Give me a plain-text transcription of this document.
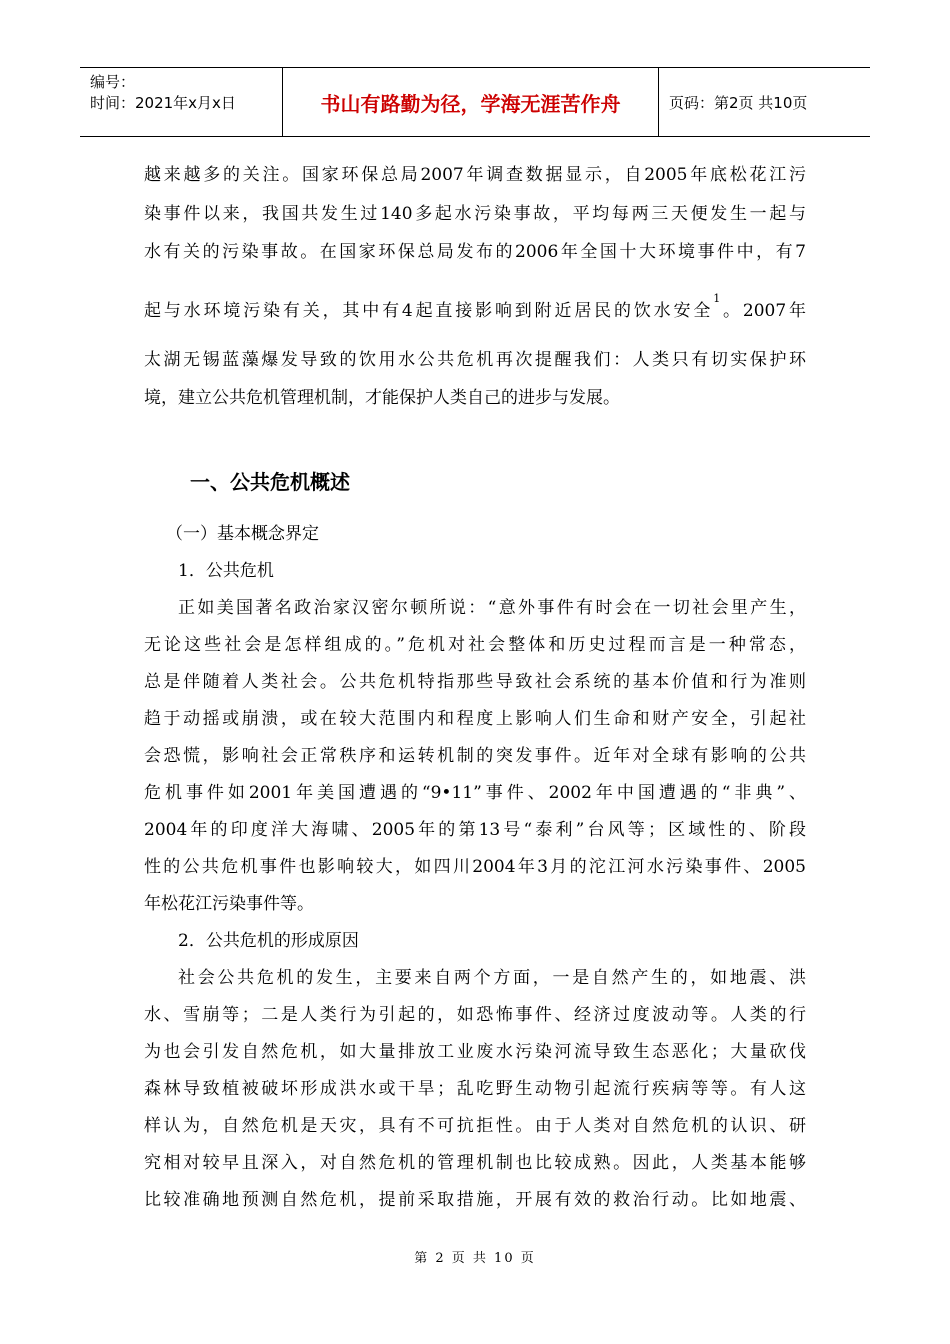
编号：
时间：2021年x月x日	书山有路勤为径，学海无涯苦作舟	页码：第2页 共10页
越来越多的关注。国家环保总局2007年调查数据显示，自2005年底松花江污
染事件以来，我国共发生过140多起水污染事故，平均每两三天便发生一起与
水有关的污染事故。在国家环保总局发布的2006年全国十大环境事件中，有7
起与水环境污染有关，其中有4起直接影响到附近居民的饮水安全$^1$。2007年
太湖无锡蓝藻爆发导致的饮用水公共危机再次提醒我们：人类只有切实保护环
境，建立公共危机管理机制，才能保护人类自己的进步与发展。
（一）基本概念界定
1．公共危机
正如美国著名政治家汉密尔顿所说：“意外事件有时会在一切社会里产生，
无论这些社会是怎样组成的。”危机对社会整体和历史过程而言是一种常态，
总是伴随着人类社会。公共危机特指那些导致社会系统的基本价值和行为准则
趋于动摇或崩溃，或在较大范围内和程度上影响人们生命和财产安全，引起社
会恐慌，影响社会正常秩序和运转机制的突发事件。近年对全球有影响的公共
危机事件如2001年美国遭遇的“9•11”事件、2002年中国遭遇的“非典”、
2004年的印度洋大海啸、2005年的第13号“泰利”台风等；区域性的、阶段
性的公共危机事件也影响较大，如四川2004年3月的沱江河水污染事件、2005
年松花江污染事件等。
2．公共危机的形成原因
社会公共危机的发生，主要来自两个方面，一是自然产生的，如地震、洪
水、雪崩等；二是人类行为引起的，如恐怖事件、经济过度波动等。人类的行
为也会引发自然危机，如大量排放工业废水污染河流导致生态恶化；大量砍伐
森林导致植被破坏形成洪水或干旱；乱吃野生动物引起流行疾病等等。有人这
样认为，自然危机是天灾，具有不可抗拒性。由于人类对自然危机的认识、研
究相对较早且深入，对自然危机的管理机制也比较成熟。因此，人类基本能够
比较准确地预测自然危机，提前采取措施，开展有效的救治行动。比如地震、
一、公共危机概述
第 2 页 共 10 页
